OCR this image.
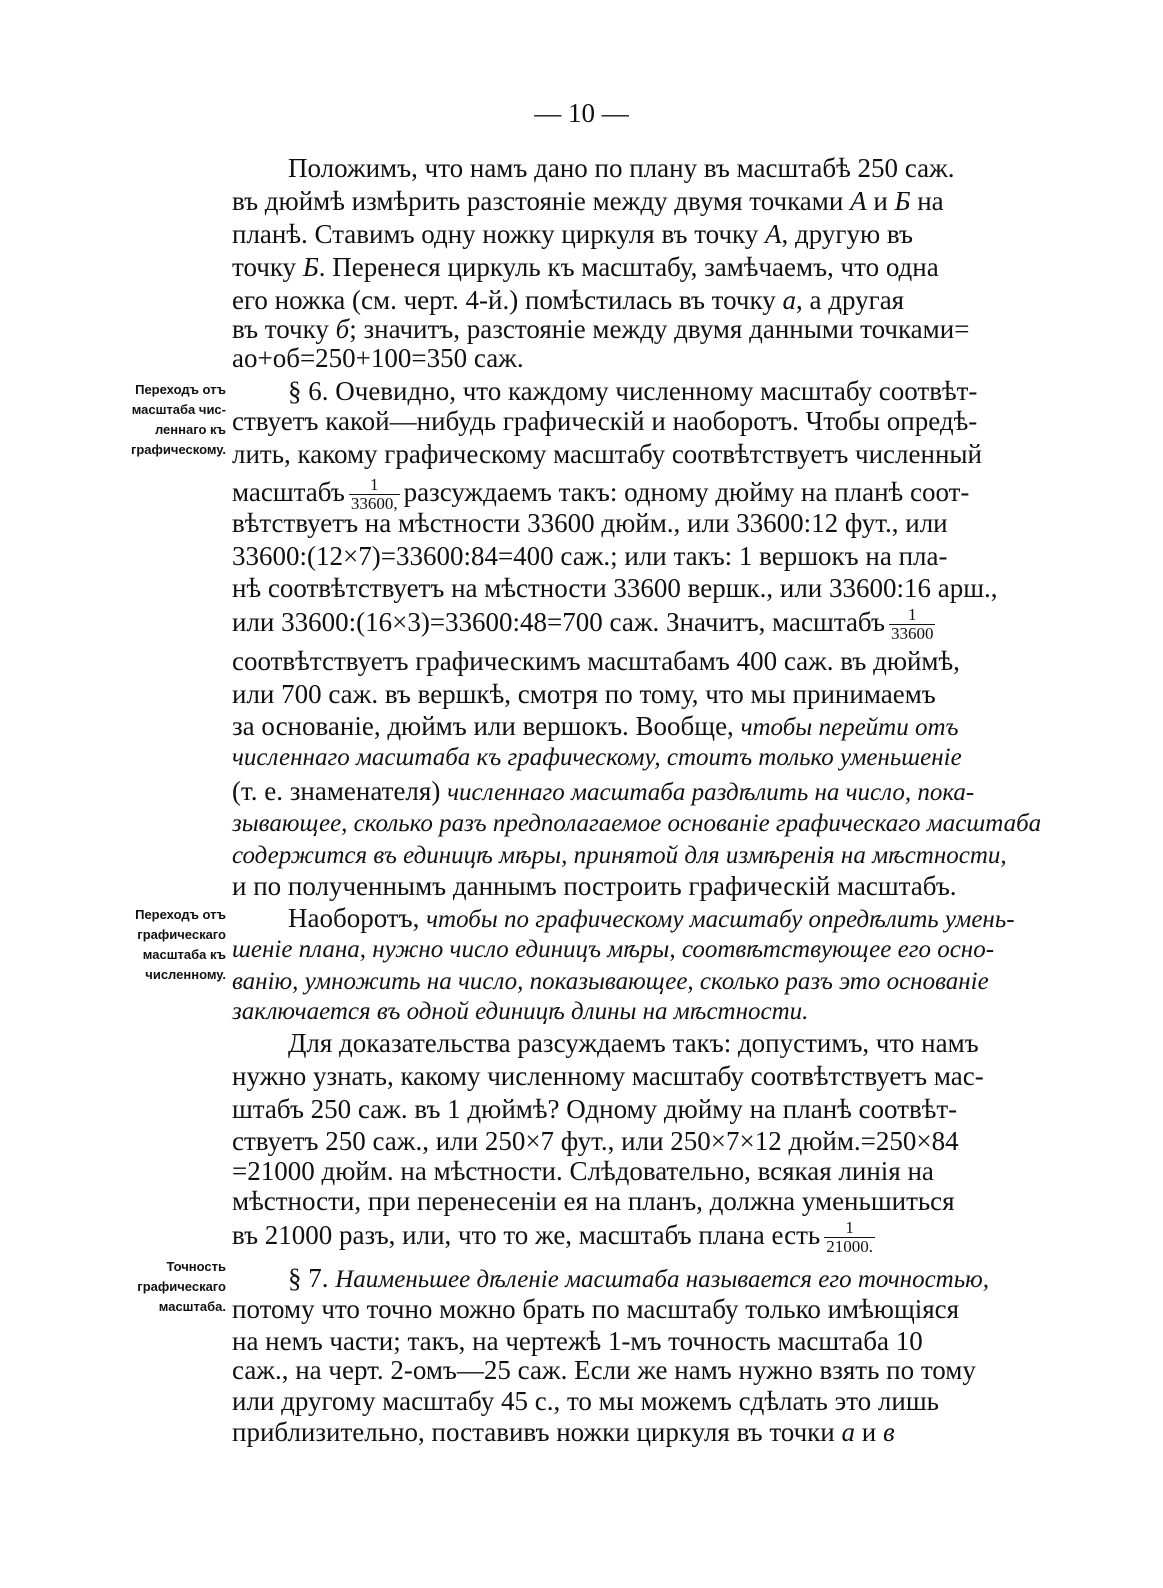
— 10 —
Переходъ отъ
масштаба чис-
леннаго къ
графическому.
Переходъ отъ
графическаго
масштаба къ
численному.
Точность
графическаго
масштаба.
Положимъ, что намъ дано по плану въ масштабѣ 250 саж.
въ дюймѣ измѣрить разстояніе между двумя точками А и Б на
планѣ. Ставимъ одну ножку циркуля въ точку А, другую въ
точку Б. Перенеся циркуль къ масштабу, замѣчаемъ, что одна
его ножка (см. черт. 4-й.) помѣстилась въ точку а, а другая
въ точку б; значитъ, разстояніе между двумя данными точками=
ао+об=250+100=350 саж.
§ 6. Очевидно, что каждому численному масштабу соотвѣт-
ствуетъ какой—нибудь графическій и наоборотъ. Чтобы опредѣ-
лить, какому графическому масштабу соотвѣтствуетъ численный
масштабъ $\frac{1}{33600,}$ разсуждаемъ такъ: одному дюйму на планѣ соот-
вѣтствуетъ на мѣстности 33600 дюйм., или 33600:12 фут., или
33600:(12×7)=33600:84=400 саж.; или такъ: 1 вершокъ на пла-
нѣ соотвѣтствуетъ на мѣстности 33600 вершк., или 33600:16 арш.,
или 33600:(16×3)=33600:48=700 саж. Значитъ, масштабъ $\frac{1}{33600}$
соотвѣтствуетъ графическимъ масштабамъ 400 саж. въ дюймѣ,
или 700 саж. въ вершкѣ, смотря по тому, что мы принимаемъ
за основаніе, дюймъ или вершокъ. Вообще, чтобы перейти отъ
численнаго масштаба къ графическому, стоитъ только уменьшеніе
(т. е. знаменателя) численнаго масштаба раздѣлить на число, пока-
зывающее, сколько разъ предполагаемое основаніе графическаго масштаба
содержится въ единицѣ мѣры, принятой для измѣренія на мѣстности,
и по полученнымъ даннымъ построить графическій масштабъ.
Наоборотъ, чтобы по графическому масштабу опредѣлить умень-
шеніе плана, нужно число единицъ мѣры, соотвѣтствующее его осно-
ванію, умножить на число, показывающее, сколько разъ это основаніе
заключается въ одной единицѣ длины на мѣстности.
Для доказательства разсуждаемъ такъ: допустимъ, что намъ
нужно узнать, какому численному масштабу соотвѣтствуетъ мас-
штабъ 250 саж. въ 1 дюймѣ? Одному дюйму на планѣ соотвѣт-
ствуетъ 250 саж., или 250×7 фут., или 250×7×12 дюйм.=250×84
=21000 дюйм. на мѣстности. Слѣдовательно, всякая линія на
мѣстности, при перенесеніи ея на планъ, должна уменьшиться
въ 21000 разъ, или, что то же, масштабъ плана есть $\frac{1}{21000.}$
§ 7. Наименьшее дѣленіе масштаба называется его точностью,
потому что точно можно брать по масштабу только имѣющіяся
на немъ части; такъ, на чертежѣ 1-мъ точность масштаба 10
саж., на черт. 2-омъ—25 саж. Если же намъ нужно взять по тому
или другому масштабу 45 с., то мы можемъ сдѣлать это лишь
приблизительно, поставивъ ножки циркуля въ точки а и в
